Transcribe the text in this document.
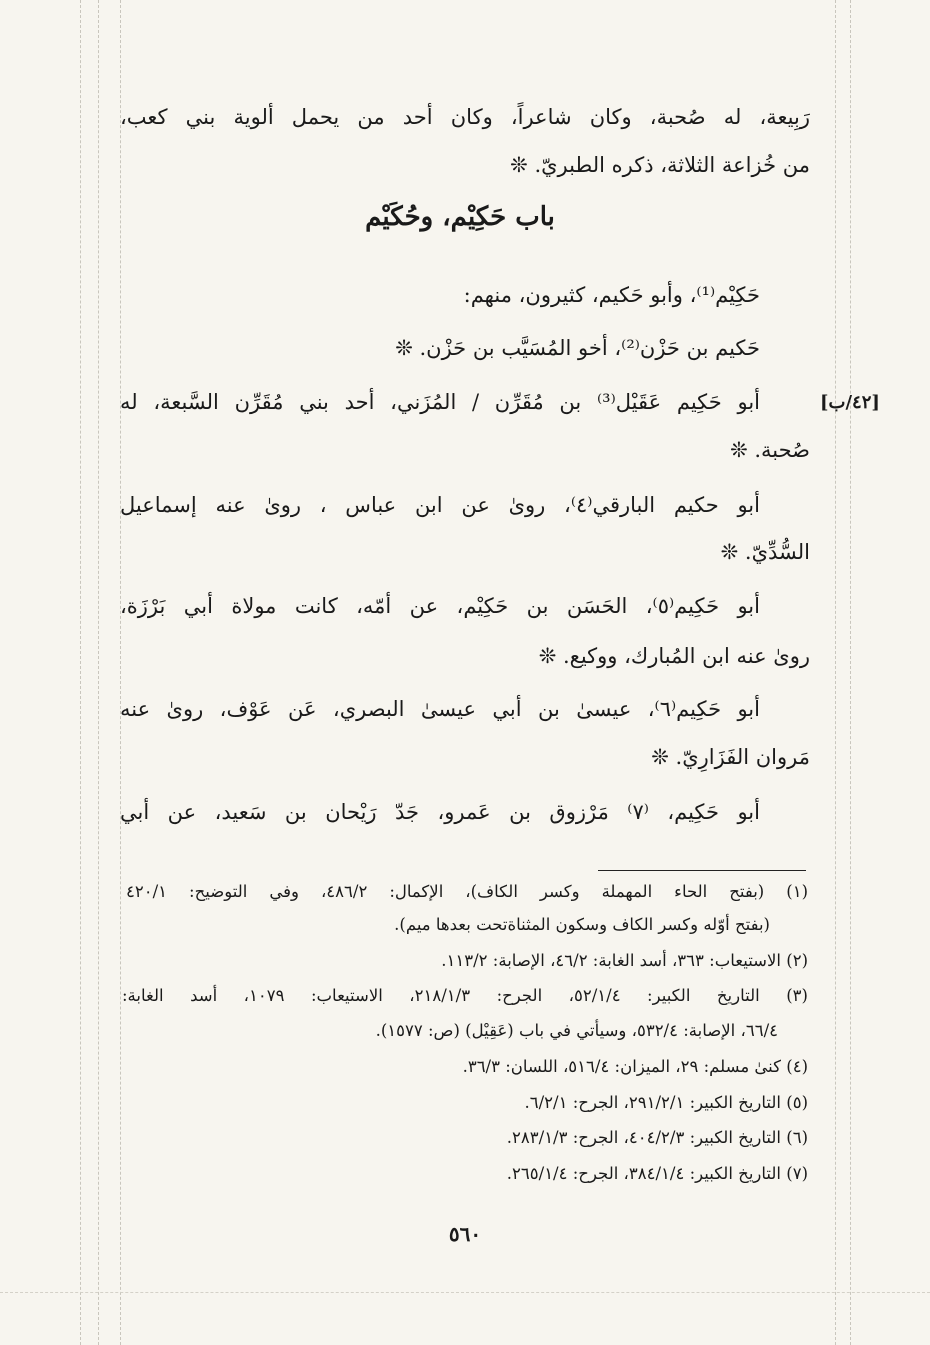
رَبِيعة، له صُحبة، وكان شاعراً، وكان أحد من يحمل ألوية بني كعب،
من خُزاعة الثلاثة، ذكره الطبريّ. ❊
حَكِيْم⁽¹⁾، وأبو حَكيم، كثيرون، منهم:
حَكيم بن حَزْن⁽²⁾، أخو المُسَيَّب بن حَزْن. ❊
أبو حَكِيم عَقَيْل⁽³⁾ بن مُقَرِّن / المُزَني، أحد بني مُقَرِّن السَّبعة، له
صُحبة. ❊
أبو حكيم البارقي⁽٤⁾، روىٰ عن ابن عباس ، روىٰ عنه إسماعيل
السُّدِّيّ. ❊
أبو حَكِيم⁽٥⁾، الحَسَن بن حَكِيْم، عن أمّه، كانت مولاة أبي بَرْزَة،
روىٰ عنه ابن المُبارك، ووكيع. ❊
أبو حَكِيم⁽٦⁾، عيسىٰ بن أبي عيسىٰ البصري، عَن عَوْف، روىٰ عنه
مَروان الفَزَارِيّ. ❊
أبو حَكِيم، ⁽٧⁾ مَرْزوق بن عَمرو، جَدّ رَيْحان بن سَعيد، عن أبي
باب حَكِيْم، وحُكَيْم
[٤٢/ب]
(١) (بفتح الحاء المهملة وكسر الكاف)، الإكمال: ٤٨٦/٢، وفي التوضيح: ٤٢٠/١
(بفتح أوّله وكسر الكاف وسكون المثناةتحت بعدها ميم).
(٢) الاستيعاب: ٣٦٣، أسد الغابة: ٤٦/٢، الإصابة: ١١٣/٢.
(٣) التاريخ الكبير: ٥٢/١/٤، الجرح: ٢١٨/١/٣، الاستيعاب: ١٠٧٩، أسد الغابة:
٦٦/٤، الإصابة: ٥٣٢/٤، وسيأتي في باب (عَقِيْل) (ص: ١٥٧٧).
(٤) كنىٰ مسلم: ٢٩، الميزان: ٥١٦/٤، اللسان: ٣٦/٣.
(٥) التاريخ الكبير: ٢٩١/٢/١، الجرح: ٦/٢/١.
(٦) التاريخ الكبير: ٤٠٤/٢/٣، الجرح: ٢٨٣/١/٣.
(٧) التاريخ الكبير: ٣٨٤/١/٤، الجرح: ٢٦٥/١/٤.
٥٦٠
